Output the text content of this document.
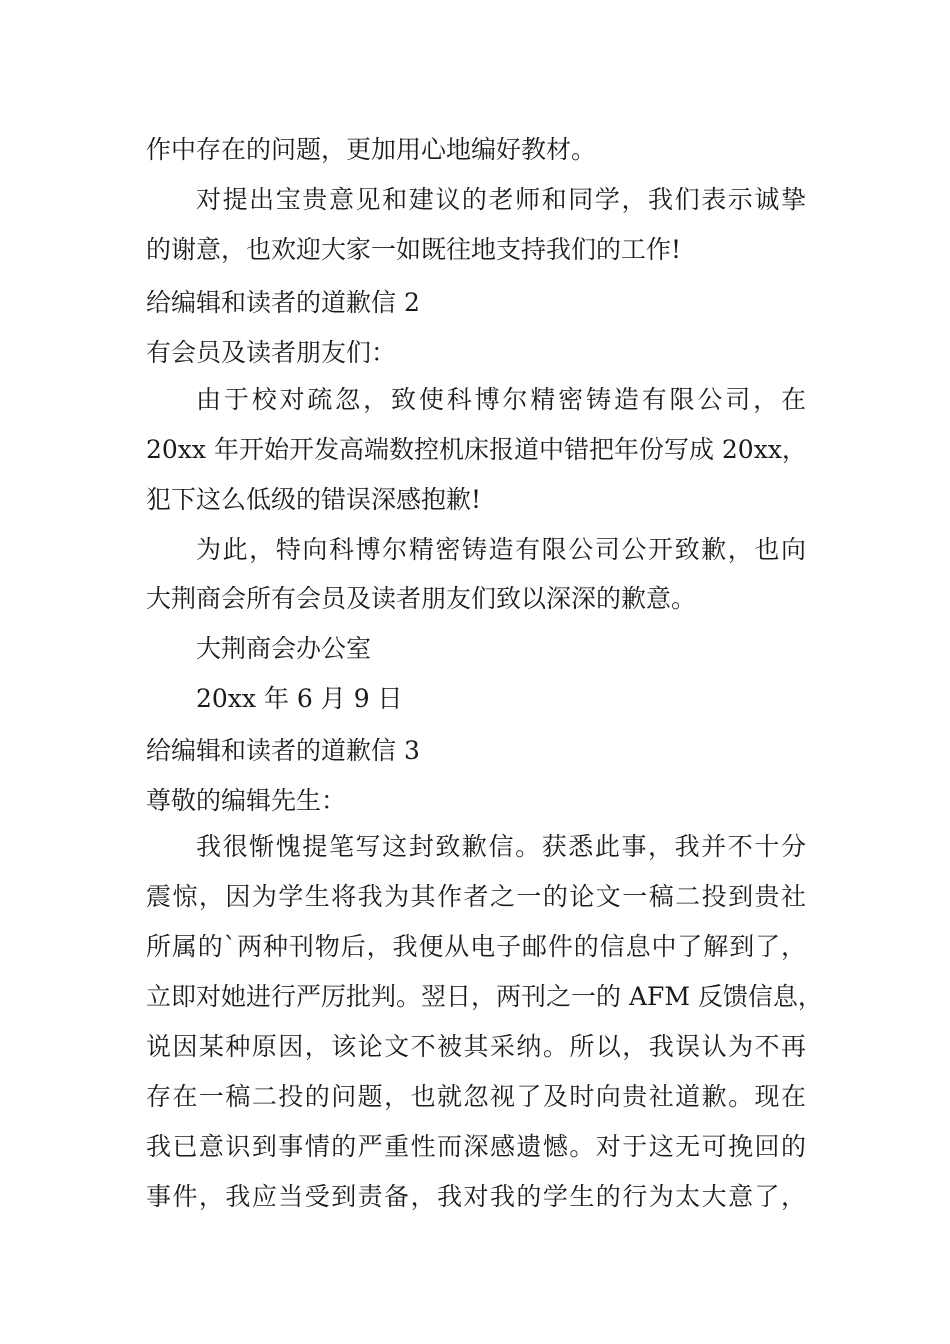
作中存在的问题，更加用心地编好教材。

对提出宝贵意见和建议的老师和同学，我们表示诚挚

的谢意，也欢迎大家一如既往地支持我们的工作!

给编辑和读者的道歉信 2

有会员及读者朋友们：

由于校对疏忽，致使科博尔精密铸造有限公司，在

20xx 年开始开发高端数控机床报道中错把年份写成 20xx，

犯下这么低级的错误深感抱歉!

为此，特向科博尔精密铸造有限公司公开致歉，也向

大荆商会所有会员及读者朋友们致以深深的歉意。

大荆商会办公室

20xx 年 6 月 9 日

给编辑和读者的道歉信 3

尊敬的编辑先生：

我很惭愧提笔写这封致歉信。获悉此事，我并不十分

震惊，因为学生将我为其作者之一的论文一稿二投到贵社

所属的`两种刊物后，我便从电子邮件的信息中了解到了，

立即对她进行严厉批判。翌日，两刊之一的 AFM 反馈信息，

说因某种原因，该论文不被其采纳。所以，我误认为不再

存在一稿二投的问题，也就忽视了及时向贵社道歉。现在

我已意识到事情的严重性而深感遗憾。对于这无可挽回的

事件，我应当受到责备，我对我的学生的行为太大意了，
